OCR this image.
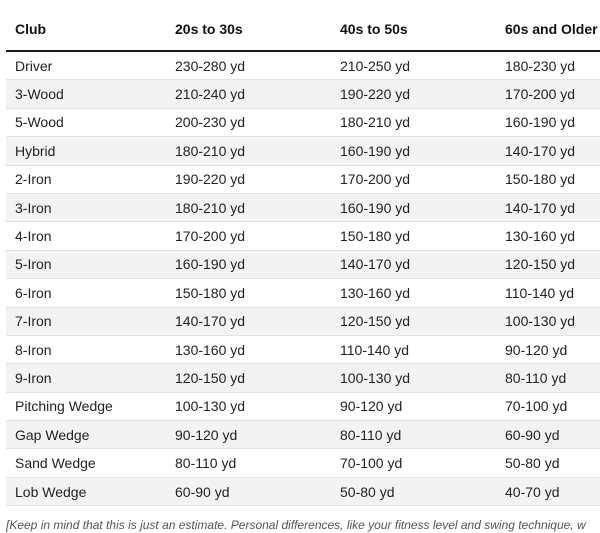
Club	20s to 30s	40s to 50s	60s and Older
Driver	230-280 yd	210-250 yd	180-230 yd
3-Wood	210-240 yd	190-220 yd	170-200 yd
5-Wood	200-230 yd	180-210 yd	160-190 yd
Hybrid	180-210 yd	160-190 yd	140-170 yd
2-Iron	190-220 yd	170-200 yd	150-180 yd
3-Iron	180-210 yd	160-190 yd	140-170 yd
4-Iron	170-200 yd	150-180 yd	130-160 yd
5-Iron	160-190 yd	140-170 yd	120-150 yd
6-Iron	150-180 yd	130-160 yd	110-140 yd
7-Iron	140-170 yd	120-150 yd	100-130 yd
8-Iron	130-160 yd	110-140 yd	90-120 yd
9-Iron	120-150 yd	100-130 yd	80-110 yd
Pitching Wedge	100-130 yd	90-120 yd	70-100 yd
Gap Wedge	90-120 yd	80-110 yd	60-90 yd
Sand Wedge	80-110 yd	70-100 yd	50-80 yd
Lob Wedge	60-90 yd	50-80 yd	40-70 yd
[Keep in mind that this is just an estimate. Personal differences, like your fitness level and swing technique, w
